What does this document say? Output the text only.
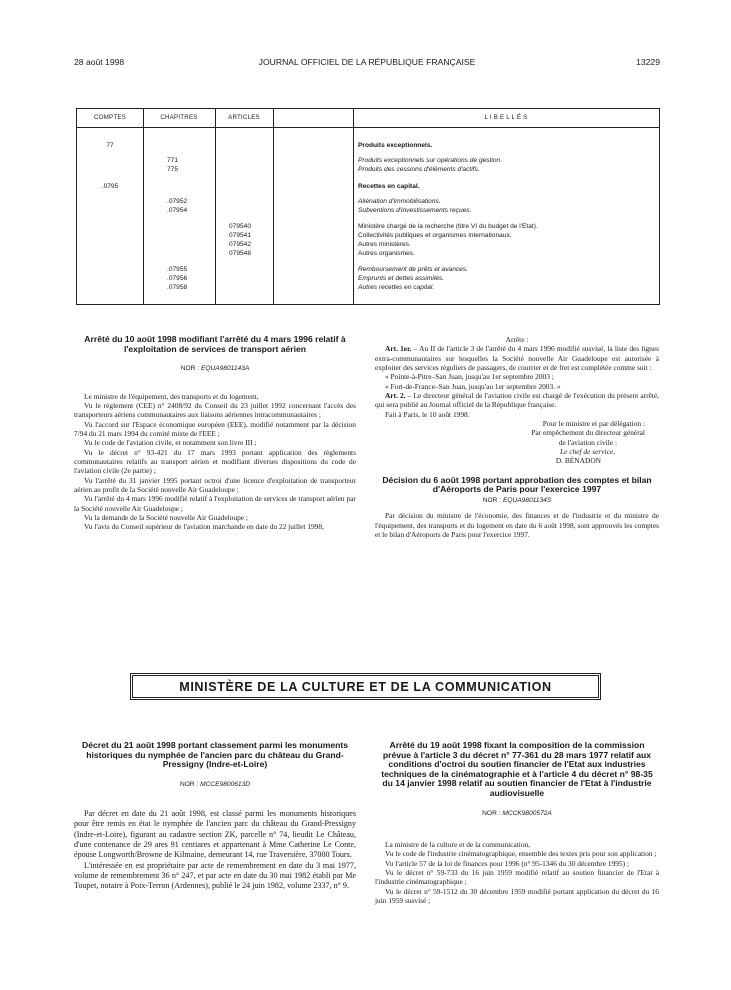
28 août 1998	JOURNAL OFFICIEL DE LA RÉPUBLIQUE FRANÇAISE	13229
COMPTES	CHAPITRES	ARTICLES	L I B E L L É S
77	Produits exceptionnels.
771	Produits exceptionnels sur opérations de gestion.
775	Produits des cessions d'éléments d'actifs.
.0795	Recettes en capital.
.07952	Aliénation d'immobilisations.
.07954	Subventions d'investissements reçues.
079540	Ministère chargé de la recherche (titre VI du budget de l'Etat).
079541	Collectivités publiques et organismes internationaux.
079542	Autres ministères.
079548	Autres organismes.
.07955	Remboursement de prêts et avances.
.07956	Emprunts et dettes assimilés.
.07958	Autres recettes en capital.
Arrêté du 10 août 1998 modifiant l'arrêté du 4 mars 1996 relatif à l'exploitation de services de transport aérien
NOR : EQUA9801143A

Le ministre de l'équipement, des transports et du logement,

Vu le règlement (CEE) n° 2408/92 du Conseil du 23 juillet 1992 concernant l'accès des transporteurs aériens communautaires aux liaisons aériennes intracommunautaires ;

Vu l'accord sur l'Espace économique européen (EEE), modifié notamment par la décision 7/94 du 21 mars 1994 du comité mixte de l'EEE ;

Vu le code de l'aviation civile, et notamment son livre III ;

Vu le décret n° 93-421 du 17 mars 1993 portant application des règlements communautaires relatifs au transport aérien et modifiant diverses dispositions du code de l'aviation civile (2e partie) ;

Vu l'arrêté du 31 janvier 1995 portant octroi d'une licence d'exploitation de transporteur aérien au profit de la Société nouvelle Air Guadeloupe ;

Vu l'arrêté du 4 mars 1996 modifié relatif à l'exploitation de services de transport aérien par la Société nouvelle Air Guadeloupe ;

Vu la demande de la Société nouvelle Air Guadeloupe ;

Vu l'avis du Conseil supérieur de l'aviation marchande en date du 22 juillet 1998,

Arrête :

Art. 1er. – Au II de l'article 3 de l'arrêté du 4 mars 1996 modifié susvisé, la liste des lignes extra-communautaires sur lesquelles la Société nouvelle Air Guadeloupe est autorisée à exploiter des services réguliers de passagers, de courrier et de fret est complétée comme suit :

« Pointe-à-Pitre–San Juan, jusqu'au 1er septembre 2003 ;

« Fort-de-France–San Juan, jusqu'au 1er septembre 2003. »

Art. 2. – Le directeur général de l'aviation civile est chargé de l'exécution du présent arrêté, qui sera publié au Journal officiel de la République française.

Fait à Paris, le 10 août 1998.

Pour le ministre et par délégation :
Par empêchement du directeur général
de l'aviation civile :
Le chef de service,
D. BÉNADON
Décision du 6 août 1998 portant approbation des comptes et bilan d'Aéroports de Paris pour l'exercice 1997
NOR : EQUA9801134S

Par décision du ministre de l'économie, des finances et de l'industrie et du ministre de l'équipement, des transports et du logement en date du 6 août 1998, sont approuvés les comptes et le bilan d'Aéroports de Paris pour l'exercice 1997.

MINISTÈRE DE LA CULTURE ET DE LA COMMUNICATION
Décret du 21 août 1998 portant classement parmi les monuments historiques du nymphée de l'ancien parc du château du Grand-Pressigny (Indre-et-Loire)
NOR : MCCE9800613D

Par décret en date du 21 août 1998, est classé parmi les monuments historiques pour être remis en état le nymphée de l'ancien parc du château du Grand-Pressigny (Indre-et-Loire), figurant au cadastre section ZK, parcelle n° 74, lieudit Le Château, d'une contenance de 29 ares 91 centiares et appartenant à Mme Catherine Le Conte, épouse Longworth/Browne de Kilmaine, demeurant 14, rue Traversière, 37000 Tours.

L'intéressée en est propriétaire par acte de remembrement en date du 3 mai 1977, volume de remembrement 36 n° 247, et par acte en date du 30 mai 1982 établi par Me Toupet, notaire à Poix-Terron (Ardennes), publié le 24 juin 1982, volume 2337, n° 9.

Arrêté du 19 août 1998 fixant la composition de la commission prévue à l'article 3 du décret n° 77-361 du 28 mars 1977 relatif aux conditions d'octroi du soutien financier de l'Etat aux industries techniques de la cinématographie et à l'article 4 du décret n° 98-35 du 14 janvier 1998 relatif au soutien financier de l'Etat à l'industrie audiovisuelle
NOR : MCCK9800572A

La ministre de la culture et de la communication,

Vu le code de l'industrie cinématographique, ensemble des textes pris pour son application ;

Vu l'article 57 de la loi de finances pour 1996 (n° 95-1346 du 30 décembre 1995) ;

Vu le décret n° 59-733 du 16 juin 1959 modifié relatif au soutien financier de l'Etat à l'industrie cinématographique ;

Vu le décret n° 59-1512 du 30 décembre 1959 modifié portant application du décret du 16 juin 1959 susvisé ;
